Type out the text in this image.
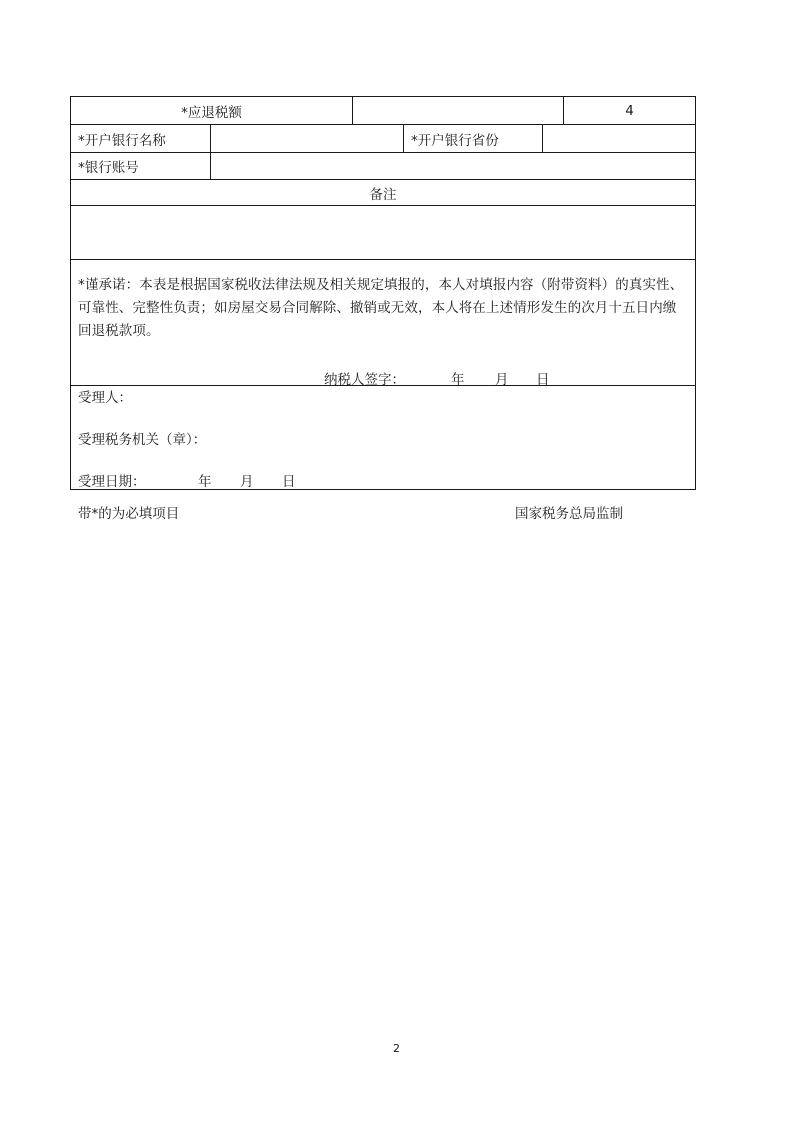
*应退税额	4
*开户银行名称	*开户银行省份
*银行账号
备注
*谨承诺：本表是根据国家税收法律法规及相关规定填报的，本人对填报内容（附带资料）的真实性、可靠性、完整性负责；如房屋交易合同解除、撤销或无效，本人将在上述情形发生的次月十五日内缴回退税款项。
纳税人签字：	年 月 日
受理人：
受理税务机关（章）：
受理日期：	年 月 日
带*的为必填项目	国家税务总局监制
2
